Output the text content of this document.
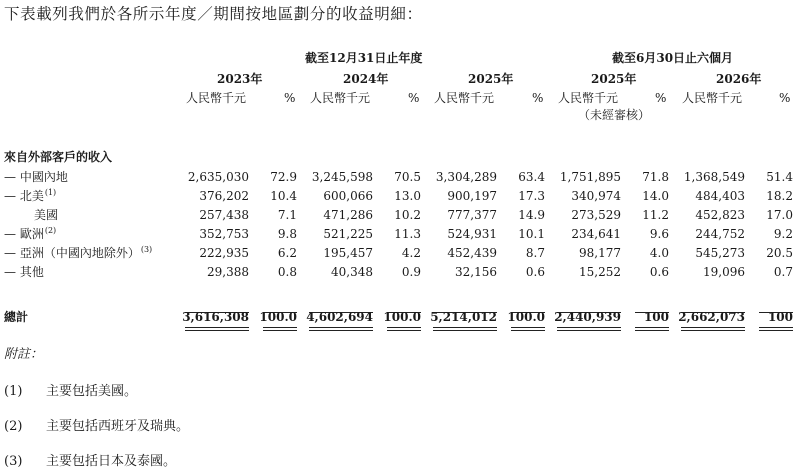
下表載列我們於各所示年度／期間按地區劃分的收益明細：
截至12月31日止年度	截至6月30日止六個月
2023年	2024年	2025年	2025年	2026年
人民幣千元	% 人民幣千元	% 人民幣千元	% 人民幣千元	% 人民幣千元	%
（未經審核）
來自外部客戶的收入
— 中國內地	2,635,030 72.9 3,245,598 70.5 3,304,289 63.4 1,751,895 71.8 1,368,549 51.4
— 北美$^{(1)}$	376,202 10.4 600,066 13.0 900,197 17.3 340,974 14.0 484,403 18.2
美國	257,438 7.1 471,286 10.2 777,377 14.9 273,529 11.2 452,823 17.0
— 歐洲$^{(2)}$	352,753 9.8 521,225 11.3 524,931 10.1 234,641 9.6 244,752 9.2
— 亞洲（中國內地除外）$^{(3)}$	222,935 6.2 195,457 4.2 452,439 8.7	98,177 4.0 545,273 20.5
— 其他	29,388 0.8	40,348 0.9	32,156 0.6	15,252 0.6	19,096 0.7
總計	3,616,308 100.0 4,602,694 100.0 5,214,012 100.0 2,440,939 100 2,662,073 100
附註：
(1) 主要包括美國。
(2) 主要包括西班牙及瑞典。
(3) 主要包括日本及泰國。
